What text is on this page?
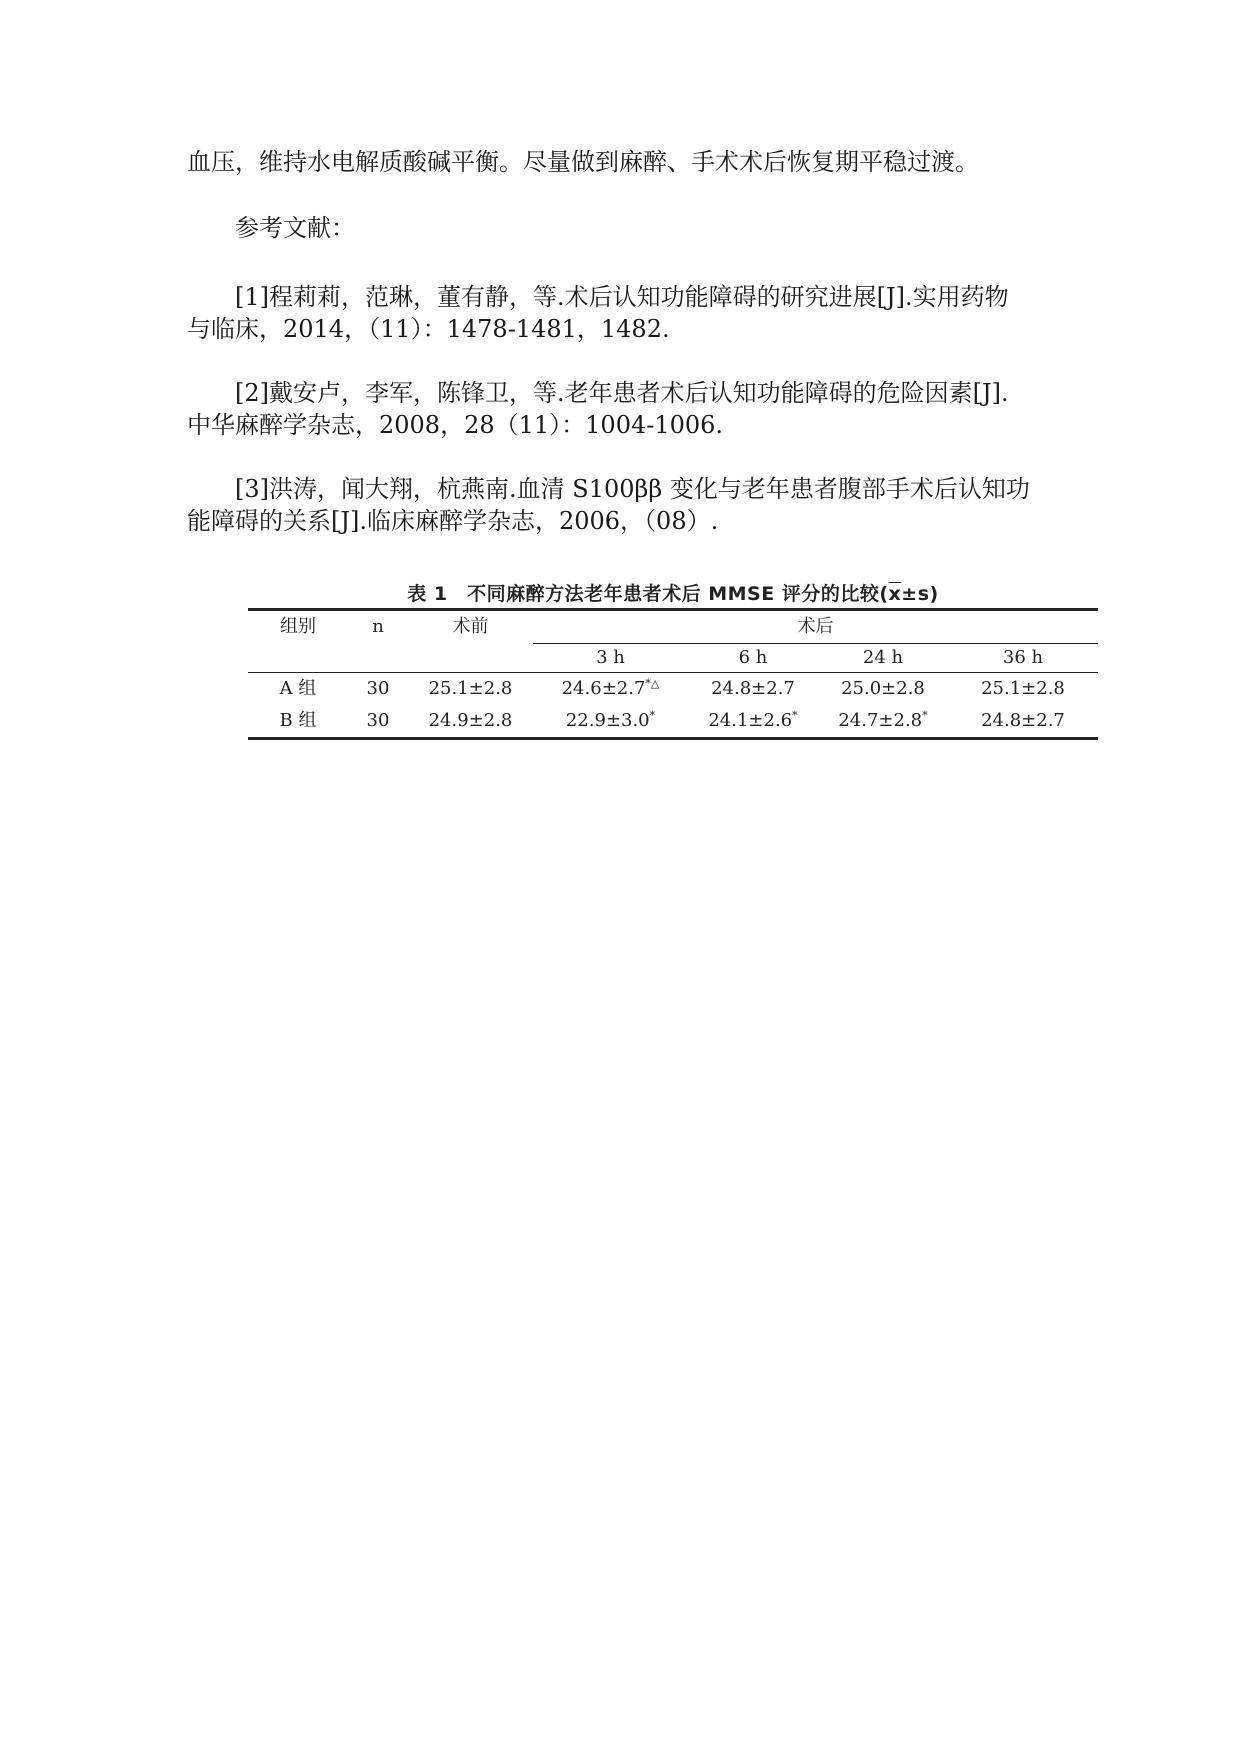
血压，维持水电解质酸碱平衡。尽量做到麻醉、手术术后恢复期平稳过渡。

参考文献：

[1]程莉莉，范琳，董有静，等.术后认知功能障碍的研究进展[J].实用药物
与临床，2014，（11）：1478-1481，1482.

[2]戴安卢，李军，陈锋卫，等.老年患者术后认知功能障碍的危险因素[J].
中华麻醉学杂志，2008，28（11）：1004-1006.

[3]洪涛，闻大翔，杭燕南.血清 S100ββ 变化与老年患者腹部手术后认知功
能障碍的关系[J].临床麻醉学杂志，2006，（08）.

表 1　不同麻醉方法老年患者术后 MMSE 评分的比较$(\overline{x}\pm s)$
组别	n	术前	术后			
			3 h	6 h	24 h	36 h
A 组	30	25.1±2.8	24.6±2.7*△	24.8±2.7	25.0±2.8	25.1±2.8
B 组	30	24.9±2.8	22.9±3.0*	24.1±2.6*	24.7±2.8*	24.8±2.7
